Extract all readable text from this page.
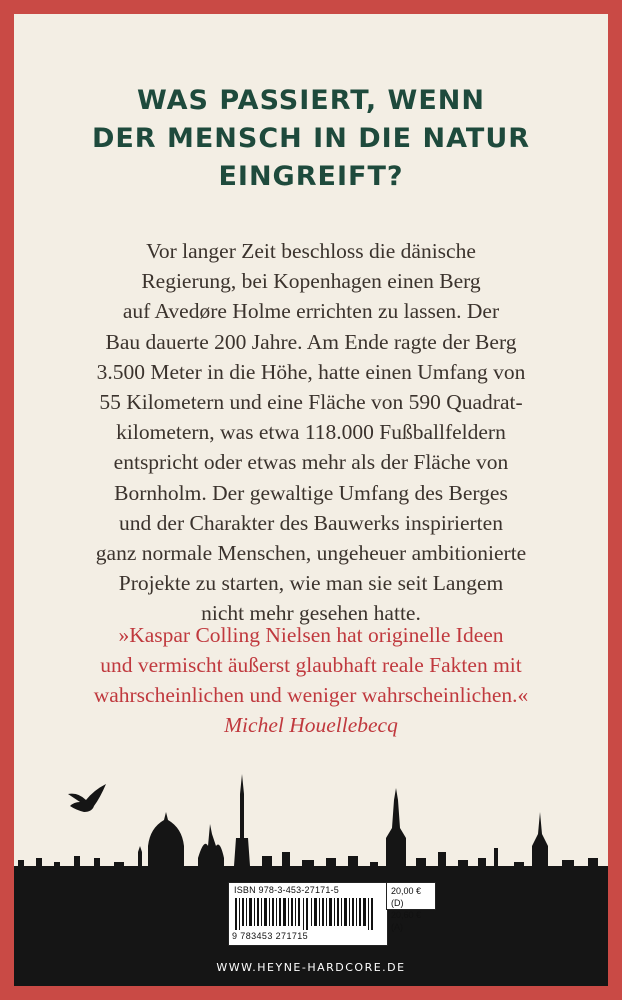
WAS PASSIERT, WENN
DER MENSCH IN DIE NATUR
EINGREIFT?
Vor langer Zeit beschloss die dänische
Regierung, bei Kopenhagen einen Berg
auf Avedøre Holme errichten zu lassen. Der
Bau dauerte 200 Jahre. Am Ende ragte der Berg
3.500 Meter in die Höhe, hatte einen Umfang von
55 Kilometern und eine Fläche von 590 Quadrat-
kilometern, was etwa 118.000 Fußballfeldern
entspricht oder etwas mehr als der Fläche von
Bornholm. Der gewaltige Umfang des Berges
und der Charakter des Bauwerks inspirierten
ganz normale Menschen, ungeheuer ambitionierte
Projekte zu starten, wie man sie seit Langem
nicht mehr gesehen hatte.
»Kaspar Colling Nielsen hat originelle Ideen
und vermischt äußerst glaubhaft reale Fakten mit
wahrscheinlichen und weniger wahrscheinlichen.«
Michel Houellebecq
ISBN 978-3-453-27171-5
9 783453 271715
20,00 € (D)
20,60 € (A)
WWW.HEYNE-HARDCORE.DE
